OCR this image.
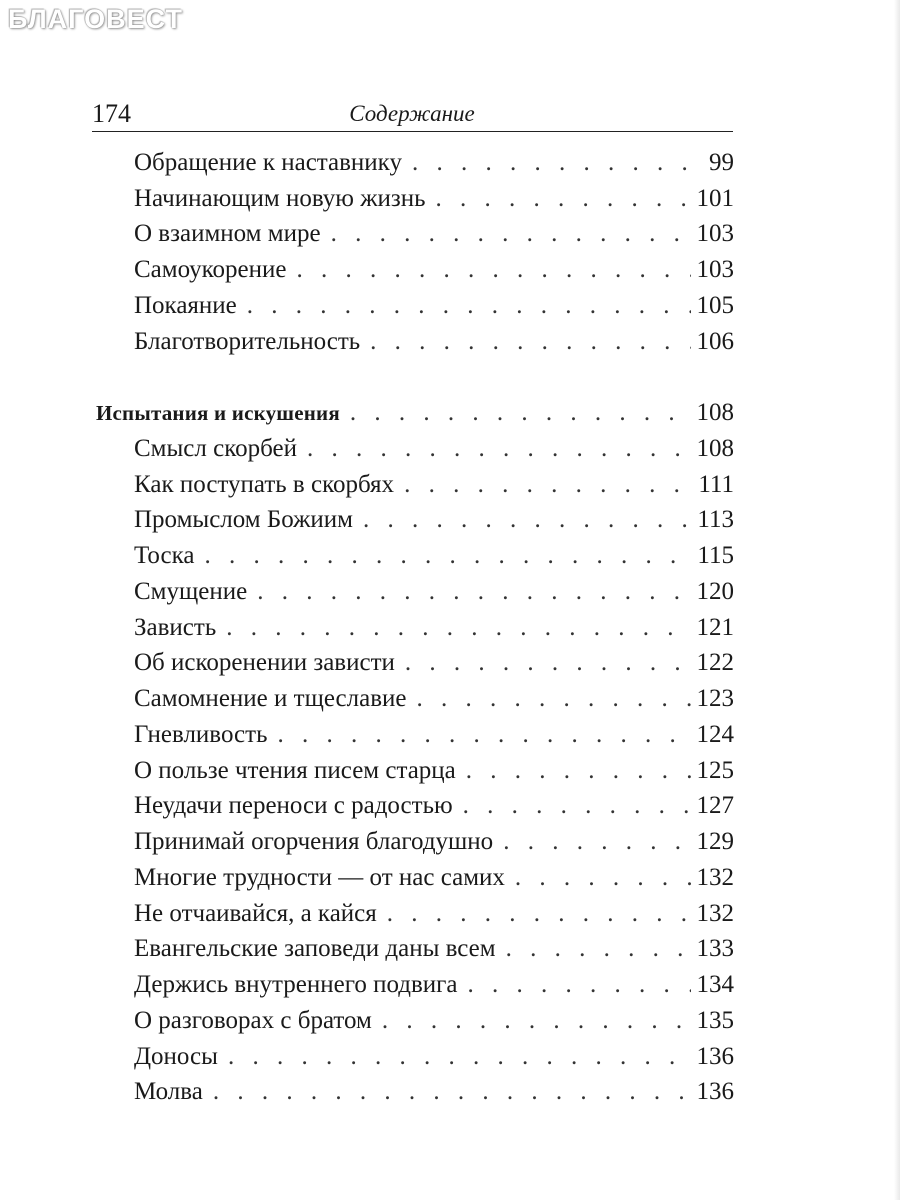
БЛАГОВЕСТ
174	Содержание
Обращение к наставнику . . .	99
Начинающим новую жизнь . . .	101
О взаимном мире . . .	103
Самоукорение . . .	103
Покаяние . . .	105
Благотворительность . . .	106
Испытания и искушения . . .	108
Смысл скорбей . . .	108
Как поступать в скорбях . . .	111
Промыслом Божиим . . .	113
Тоска . . .	115
Смущение . . .	120
Зависть . . .	121
Об искоренении зависти . . .	122
Самомнение и тщеславие . . .	123
Гневливость . . .	124
О пользе чтения писем старца . . .	125
Неудачи переноси с радостью . . .	127
Принимай огорчения благодушно . . .	129
Многие трудности — от нас самих . . .	132
Не отчаивайся, а кайся . . .	132
Евангельские заповеди даны всем . . .	133
Держись внутреннего подвига . . .	134
О разговорах с братом . . .	135
Доносы . . .	136
Молва . . .	136
